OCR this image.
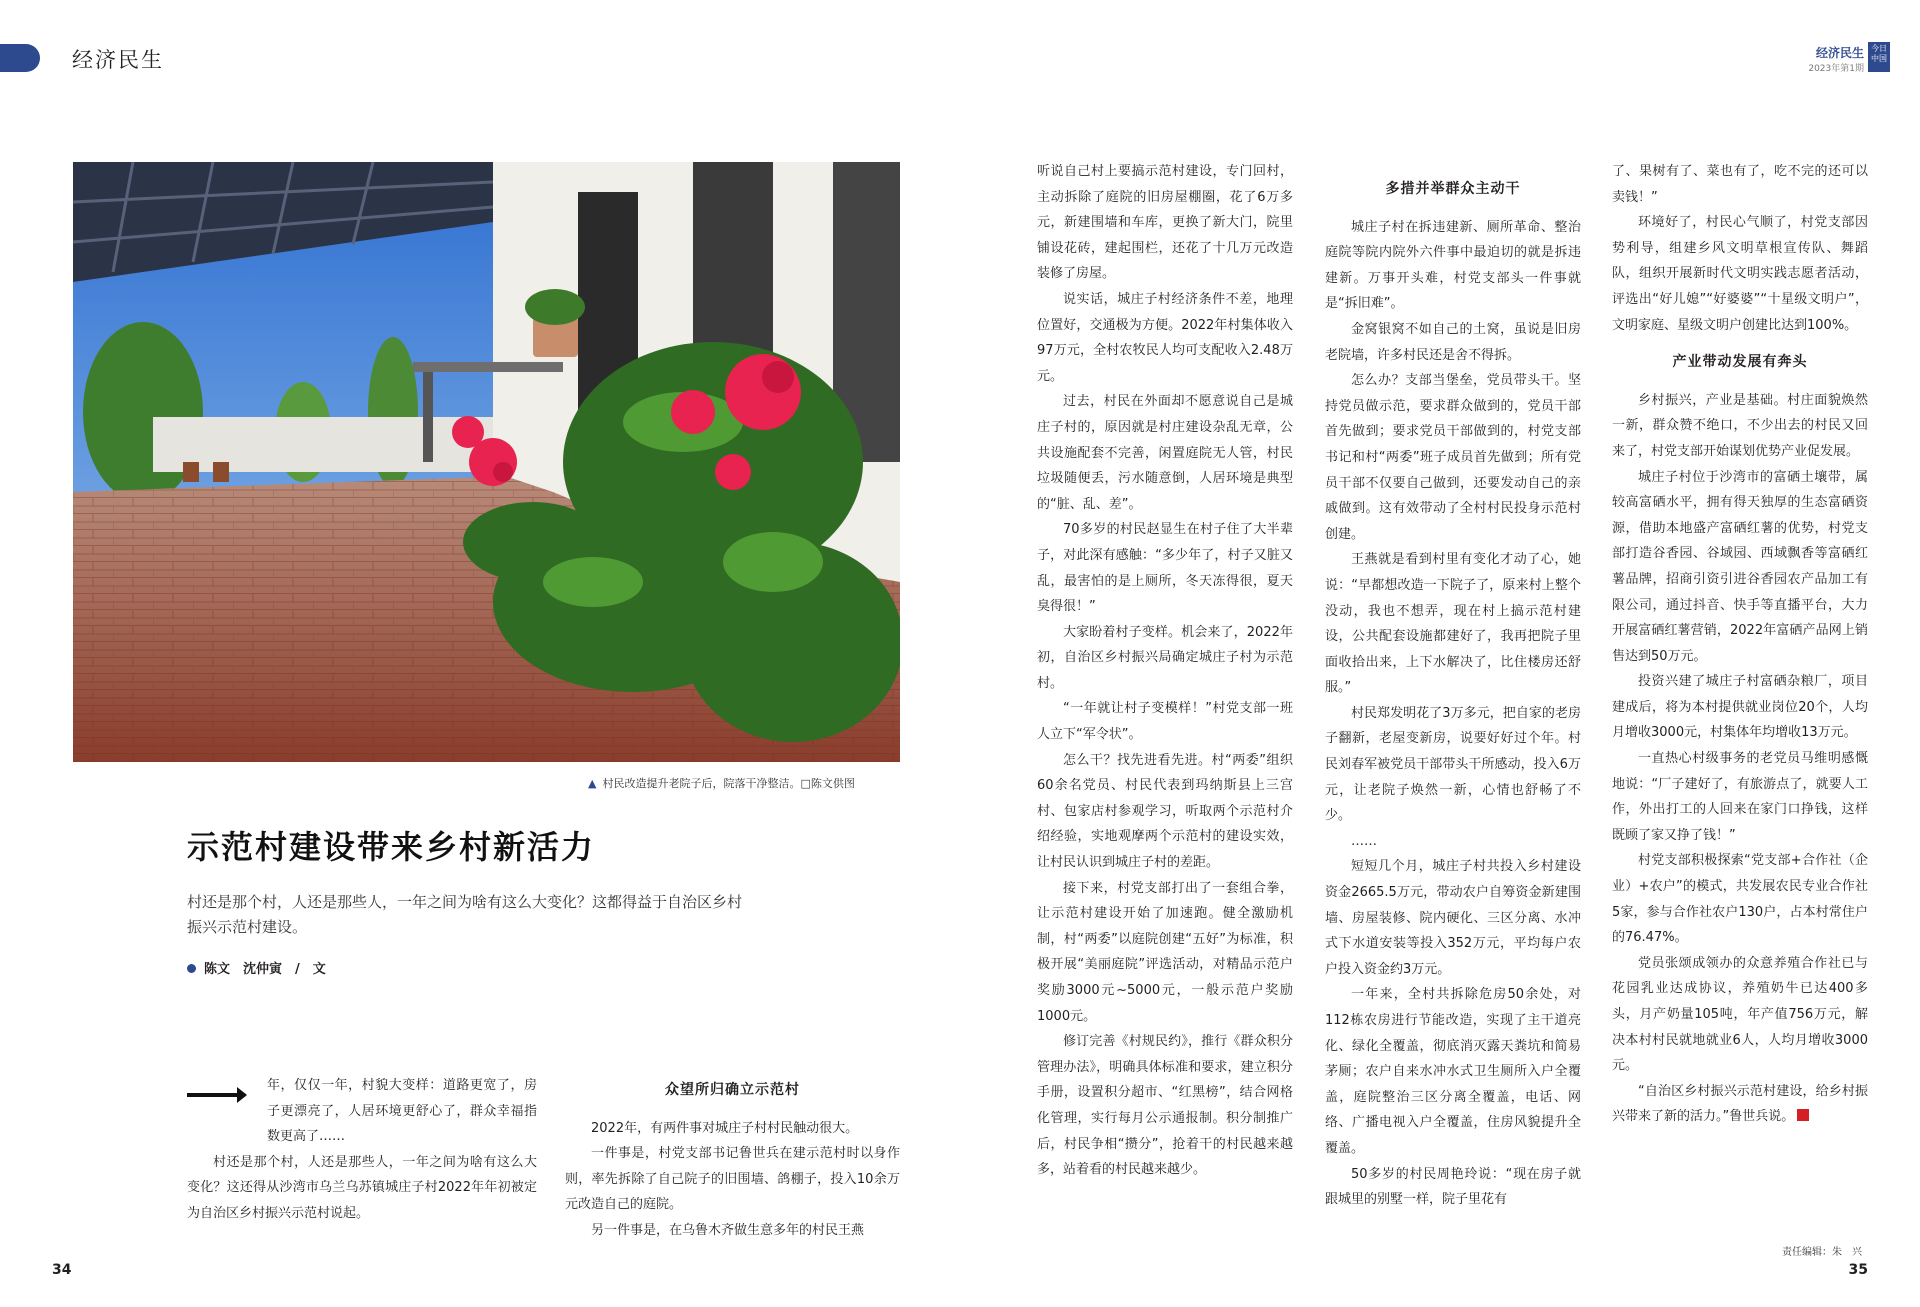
经济民生
▲ 村民改造提升老院子后，院落干净整洁。□陈文供图
示范村建设带来乡村新活力
村还是那个村，人还是那些人，一年之间为啥有这么大变化？这都得益于自治区乡村振兴示范村建设。
陈文　沈仲寅　/　文

年，仅仅一年，村貌大变样：道路更宽了，房子更漂亮了，人居环境更舒心了，群众幸福指数更高了……

村还是那个村，人还是那些人，一年之间为啥有这么大变化？这还得从沙湾市乌兰乌苏镇城庄子村2022年年初被定为自治区乡村振兴示范村说起。

众望所归确立示范村

2022年，有两件事对城庄子村村民触动很大。

一件事是，村党支部书记鲁世兵在建示范村时以身作则，率先拆除了自己院子的旧围墙、鸽棚子，投入10余万元改造自己的庭院。

另一件事是，在乌鲁木齐做生意多年的村民王燕

34
经济民生
2023年第1期
今日中国

听说自己村上要搞示范村建设，专门回村，主动拆除了庭院的旧房屋棚圈，花了6万多元，新建围墙和车库，更换了新大门，院里铺设花砖，建起围栏，还花了十几万元改造装修了房屋。

说实话，城庄子村经济条件不差，地理位置好，交通极为方便。2022年村集体收入97万元，全村农牧民人均可支配收入2.48万元。

过去，村民在外面却不愿意说自己是城庄子村的，原因就是村庄建设杂乱无章，公共设施配套不完善，闲置庭院无人管，村民垃圾随便丢，污水随意倒，人居环境是典型的“脏、乱、差”。

70多岁的村民赵显生在村子住了大半辈子，对此深有感触：“多少年了，村子又脏又乱，最害怕的是上厕所，冬天冻得很，夏天臭得很！”

大家盼着村子变样。机会来了，2022年初，自治区乡村振兴局确定城庄子村为示范村。

“一年就让村子变模样！”村党支部一班人立下“军令状”。

怎么干？找先进看先进。村“两委”组织60余名党员、村民代表到玛纳斯县上三宫村、包家店村参观学习，听取两个示范村介绍经验，实地观摩两个示范村的建设实效，让村民认识到城庄子村的差距。

接下来，村党支部打出了一套组合拳，让示范村建设开始了加速跑。健全激励机制，村“两委”以庭院创建“五好”为标准，积极开展“美丽庭院”评选活动，对精品示范户奖励3000元~5000元，一般示范户奖励1000元。

修订完善《村规民约》，推行《群众积分管理办法》，明确具体标准和要求，建立积分手册，设置积分超市、“红黑榜”，结合网格化管理，实行每月公示通报制。积分制推广后，村民争相“攒分”，抢着干的村民越来越多，站着看的村民越来越少。

多措并举群众主动干

城庄子村在拆违建新、厕所革命、整治庭院等院内院外六件事中最迫切的就是拆违建新。万事开头难，村党支部头一件事就是“拆旧难”。

金窝银窝不如自己的土窝，虽说是旧房老院墙，许多村民还是舍不得拆。

怎么办？支部当堡垒，党员带头干。坚持党员做示范，要求群众做到的，党员干部首先做到；要求党员干部做到的，村党支部书记和村“两委”班子成员首先做到；所有党员干部不仅要自己做到，还要发动自己的亲戚做到。这有效带动了全村村民投身示范村创建。

王燕就是看到村里有变化才动了心，她说：“早都想改造一下院子了，原来村上整个没动，我也不想弄，现在村上搞示范村建设，公共配套设施都建好了，我再把院子里面收拾出来，上下水解决了，比住楼房还舒服。”

村民郑发明花了3万多元，把自家的老房子翻新，老屋变新房，说要好好过个年。村民刘春军被党员干部带头干所感动，投入6万元，让老院子焕然一新，心情也舒畅了不少。

……

短短几个月，城庄子村共投入乡村建设资金2665.5万元，带动农户自筹资金新建围墙、房屋装修、院内硬化、三区分离、水冲式下水道安装等投入352万元，平均每户农户投入资金约3万元。

一年来，全村共拆除危房50余处，对112栋农房进行节能改造，实现了主干道亮化、绿化全覆盖，彻底消灭露天粪坑和简易茅厕；农户自来水冲水式卫生厕所入户全覆盖，庭院整治三区分离全覆盖，电话、网络、广播电视入户全覆盖，住房风貌提升全覆盖。

50多岁的村民周艳玲说：“现在房子就跟城里的别墅一样，院子里花有

了、果树有了、菜也有了，吃不完的还可以卖钱！”

环境好了，村民心气顺了，村党支部因势利导，组建乡风文明草根宣传队、舞蹈队，组织开展新时代文明实践志愿者活动，评选出“好儿媳”“好婆婆”“十星级文明户”，文明家庭、星级文明户创建比达到100%。

产业带动发展有奔头

乡村振兴，产业是基础。村庄面貌焕然一新，群众赞不绝口，不少出去的村民又回来了，村党支部开始谋划优势产业促发展。

城庄子村位于沙湾市的富硒土壤带，属较高富硒水平，拥有得天独厚的生态富硒资源，借助本地盛产富硒红薯的优势，村党支部打造谷香园、谷域园、西域飘香等富硒红薯品牌，招商引资引进谷香园农产品加工有限公司，通过抖音、快手等直播平台，大力开展富硒红薯营销，2022年富硒产品网上销售达到50万元。

投资兴建了城庄子村富硒杂粮厂，项目建成后，将为本村提供就业岗位20个，人均月增收3000元，村集体年均增收13万元。

一直热心村级事务的老党员马维明感慨地说：“厂子建好了，有旅游点了，就要人工作，外出打工的人回来在家门口挣钱，这样既顾了家又挣了钱！”

村党支部积极探索“党支部+合作社（企业）+农户”的模式，共发展农民专业合作社5家，参与合作社农户130户，占本村常住户的76.47%。

党员张颂成领办的众意养殖合作社已与花园乳业达成协议，养殖奶牛已达400多头，月产奶量105吨，年产值756万元，解决本村村民就地就业6人，人均月增收3000元。

“自治区乡村振兴示范村建设，给乡村振兴带来了新的活力。”鲁世兵说。

责任编辑：朱　兴
35
